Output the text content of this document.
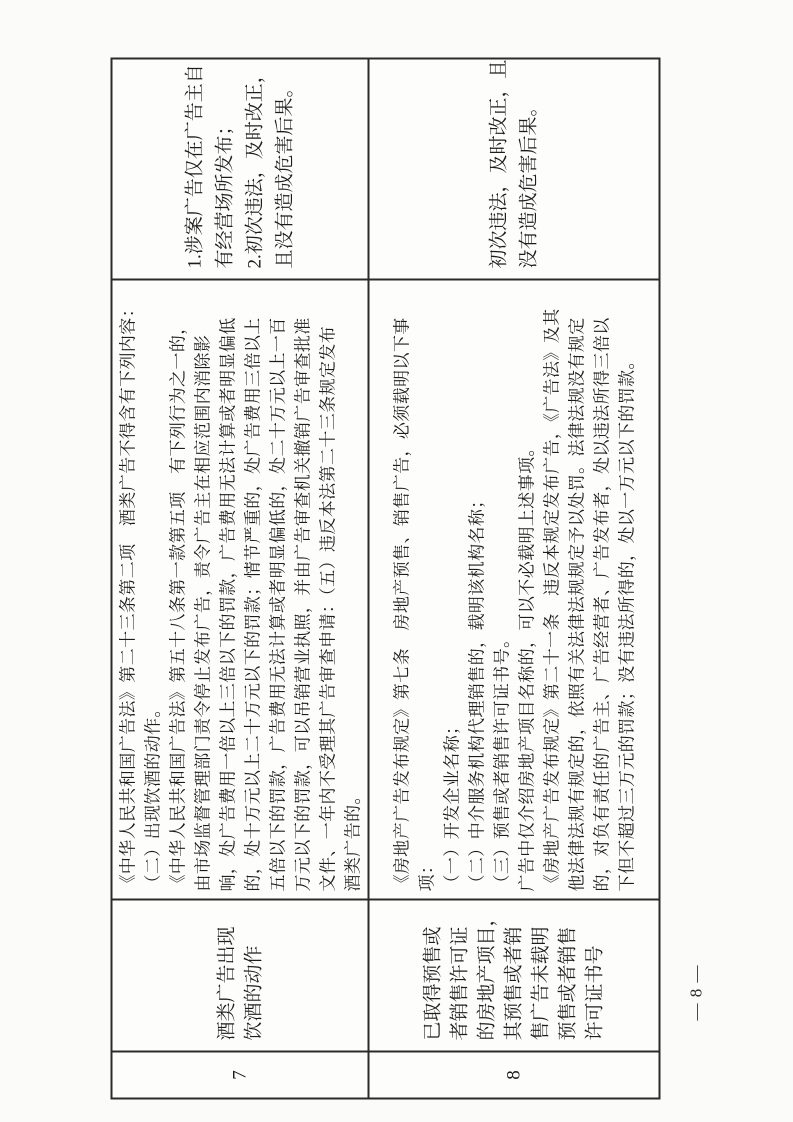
7
酒类广告出现 饮酒的动作
《中华人民共和国广告法》第二十三条第二项　酒类广告不得含有下列内容： （二）出现饮酒的动作。 《中华人民共和国广告法》第五十八条第一款第五项　有下列行为之一的， 由市场监督管理部门责令停止发布广告，责令广告主在相应范围内消除影 响，处广告费用一倍以上三倍以下的罚款，广告费用无法计算或者明显偏低 的，处十万元以上二十万元以下的罚款；情节严重的，处广告费用三倍以上 五倍以下的罚款，广告费用无法计算或者明显偏低的，处二十万元以上一百 万元以下的罚款，可以吊销营业执照，并由广告审查机关撤销广告审查批准 文件、一年内不受理其广告审查申请：（五）违反本法第二十三条规定发布 酒类广告的。
1.涉案广告仅在广告主自 有经营场所发布； 2.初次违法，及时改正， 且没有造成危害后果。
8
已取得预售或 者销售许可证 的房地产项目， 其预售或者销 售广告未载明 预售或者销售 许可证书号
《房地产广告发布规定》第七条　房地产预售、销售广告，必须载明以下事 项： （一）开发企业名称； （二）中介服务机构代理销售的，载明该机构名称； （三）预售或者销售许可证书号。 广告中仅介绍房地产项目名称的，可以不必载明上述事项。 《房地产广告发布规定》第二十一条　违反本规定发布广告，《广告法》及其 他法律法规有规定的，依照有关法律法规规定予以处罚。法律法规没有规定 的，对负有责任的广告主、广告经营者、广告发布者，处以违法所得三倍以 下但不超过三万元的罚款；没有违法所得的，处以一万元以下的罚款。
初次违法，及时改正，且 没有造成危害后果。
— 8 —
